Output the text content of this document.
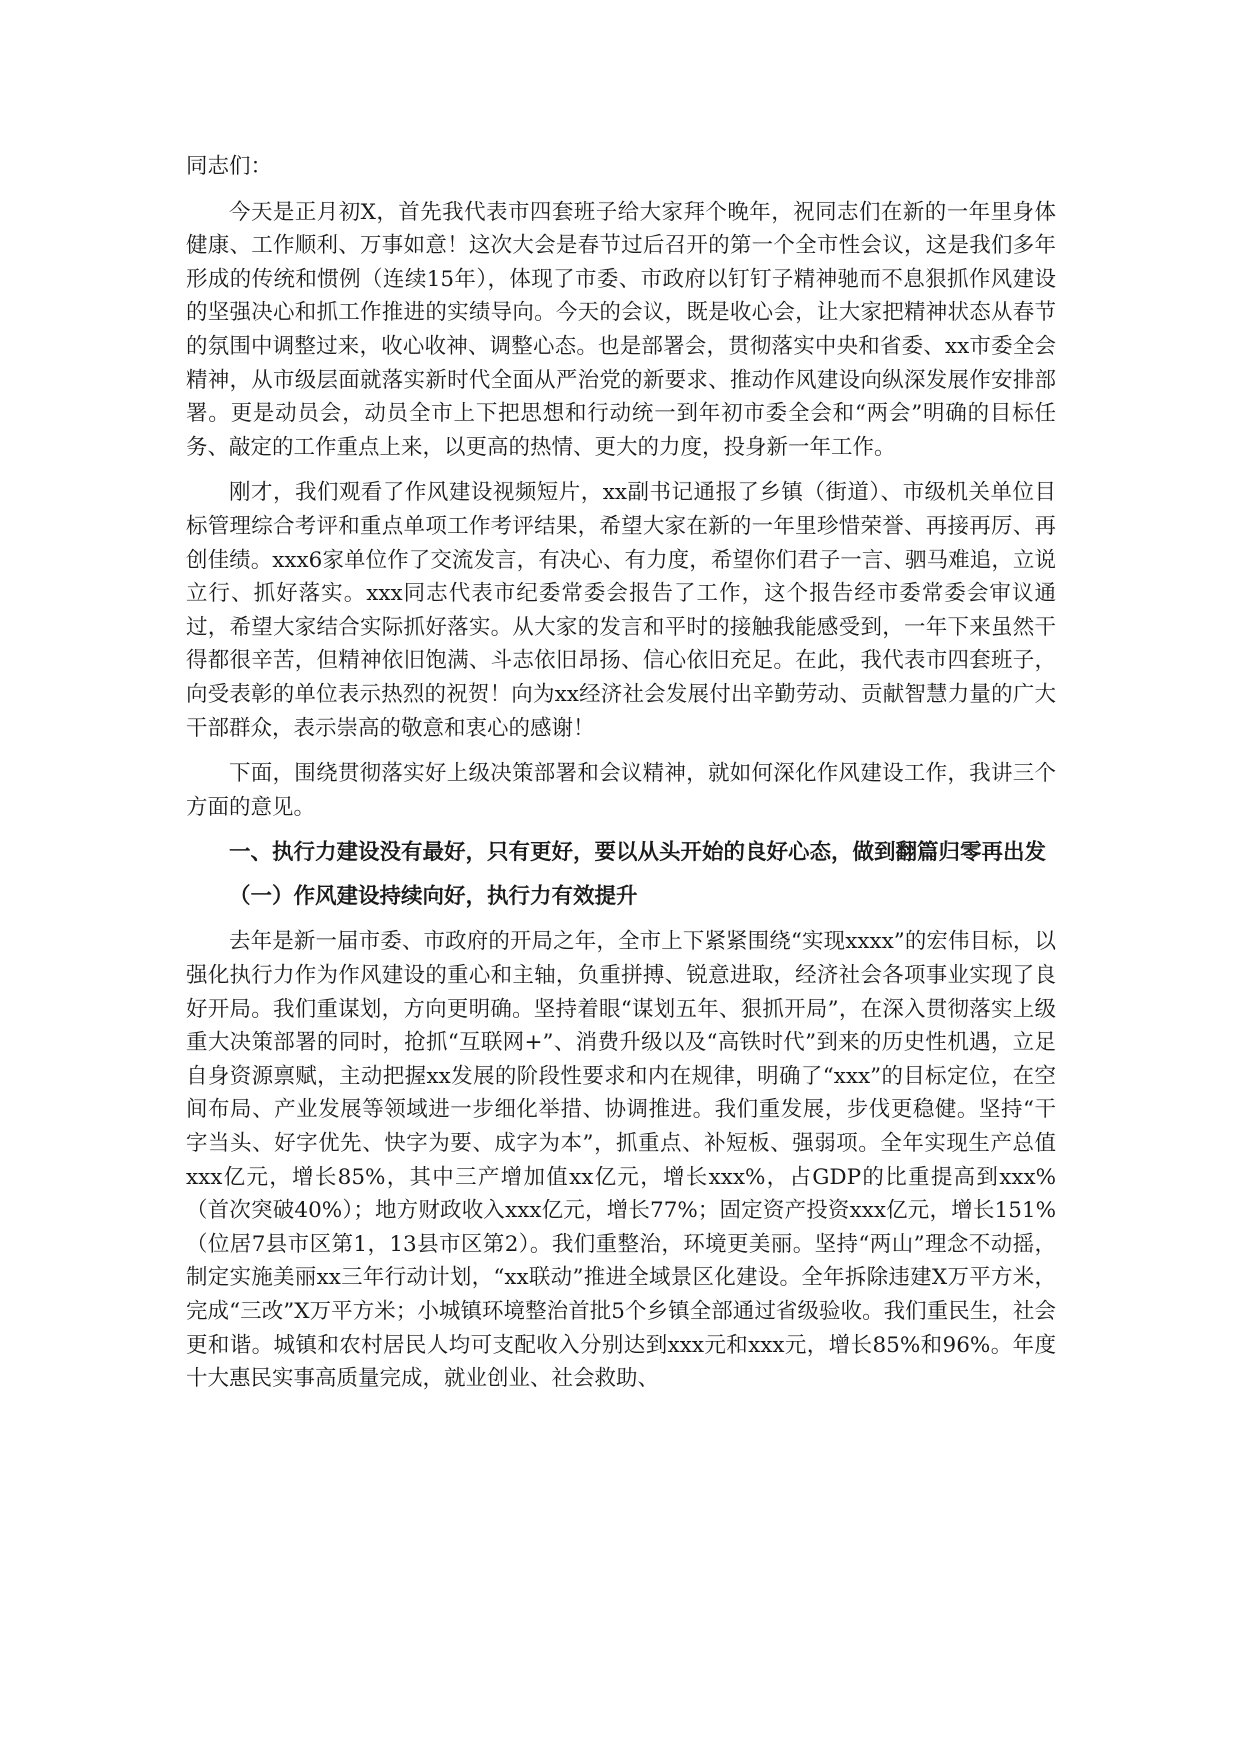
同志们：

今天是正月初X，首先我代表市四套班子给大家拜个晚年，祝同志们在新的一年里身体健康、工作顺利、万事如意！这次大会是春节过后召开的第一个全市性会议，这是我们多年形成的传统和惯例（连续15年），体现了市委、市政府以钉钉子精神驰而不息狠抓作风建设的坚强决心和抓工作推进的实绩导向。今天的会议，既是收心会，让大家把精神状态从春节的氛围中调整过来，收心收神、调整心态。也是部署会，贯彻落实中央和省委、xx市委全会精神，从市级层面就落实新时代全面从严治党的新要求、推动作风建设向纵深发展作安排部署。更是动员会，动员全市上下把思想和行动统一到年初市委全会和“两会”明确的目标任务、敲定的工作重点上来，以更高的热情、更大的力度，投身新一年工作。

刚才，我们观看了作风建设视频短片，xx副书记通报了乡镇（街道）、市级机关单位目标管理综合考评和重点单项工作考评结果，希望大家在新的一年里珍惜荣誉、再接再厉、再创佳绩。xxx6家单位作了交流发言，有决心、有力度，希望你们君子一言、驷马难追，立说立行、抓好落实。xxx同志代表市纪委常委会报告了工作，这个报告经市委常委会审议通过，希望大家结合实际抓好落实。从大家的发言和平时的接触我能感受到，一年下来虽然干得都很辛苦，但精神依旧饱满、斗志依旧昂扬、信心依旧充足。在此，我代表市四套班子，向受表彰的单位表示热烈的祝贺！向为xx经济社会发展付出辛勤劳动、贡献智慧力量的广大干部群众，表示崇高的敬意和衷心的感谢！

下面，围绕贯彻落实好上级决策部署和会议精神，就如何深化作风建设工作，我讲三个方面的意见。

一、执行力建设没有最好，只有更好，要以从头开始的良好心态，做到翻篇归零再出发

（一）作风建设持续向好，执行力有效提升

去年是新一届市委、市政府的开局之年，全市上下紧紧围绕“实现xxxx”的宏伟目标，以强化执行力作为作风建设的重心和主轴，负重拼搏、锐意进取，经济社会各项事业实现了良好开局。我们重谋划，方向更明确。坚持着眼“谋划五年、狠抓开局”，在深入贯彻落实上级重大决策部署的同时，抢抓“互联网+”、消费升级以及“高铁时代”到来的历史性机遇，立足自身资源禀赋，主动把握xx发展的阶段性要求和内在规律，明确了“xxx”的目标定位，在空间布局、产业发展等领域进一步细化举措、协调推进。我们重发展，步伐更稳健。坚持“干字当头、好字优先、快字为要、成字为本”，抓重点、补短板、强弱项。全年实现生产总值xxx亿元，增长85%，其中三产增加值xx亿元，增长xxx%，占GDP的比重提高到xxx%（首次突破40%）；地方财政收入xxx亿元，增长77%；固定资产投资xxx亿元，增长151%（位居7县市区第1，13县市区第2）。我们重整治，环境更美丽。坚持“两山”理念不动摇，制定实施美丽xx三年行动计划，“xx联动”推进全域景区化建设。全年拆除违建X万平方米，完成“三改”X万平方米；小城镇环境整治首批5个乡镇全部通过省级验收。我们重民生，社会更和谐。城镇和农村居民人均可支配收入分别达到xxx元和xxx元，增长85%和96%。年度十大惠民实事高质量完成，就业创业、社会救助、
